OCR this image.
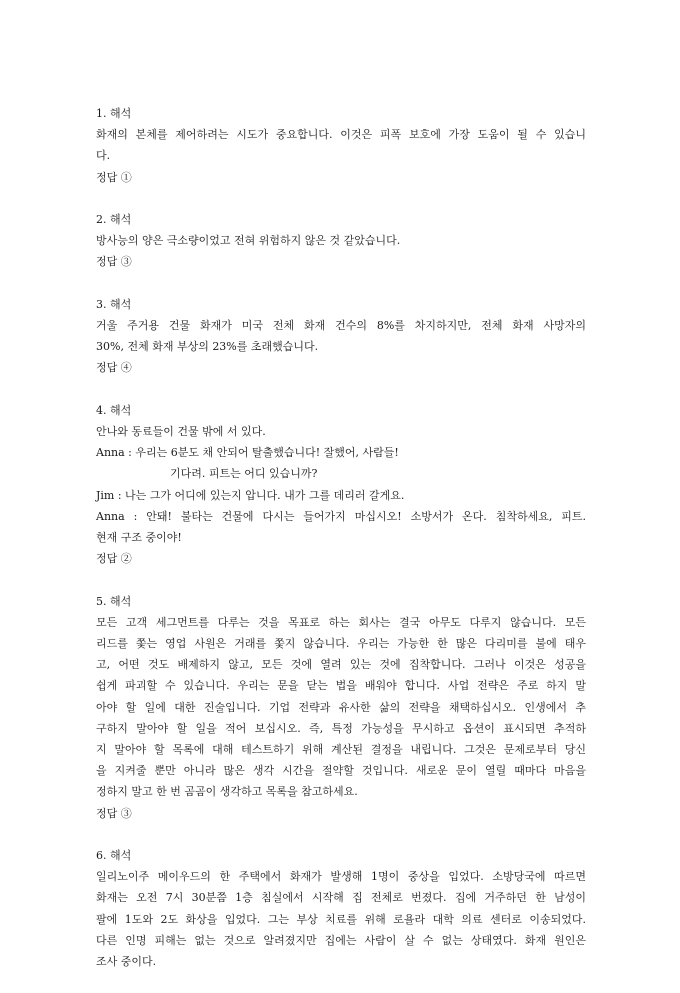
1. 해석
화재의 본체를 제어하려는 시도가 중요합니다. 이것은 피폭 보호에 가장 도움이 될 수 있습니
다.
정답 ①
2. 해석
방사능의 양은 극소량이었고 전혀 위험하지 않은 것 같았습니다.
정답 ③
3. 해석
거울 주거용 건물 화재가 미국 전체 화재 건수의 8%를 차지하지만, 전체 화재 사망자의
30%, 전체 화재 부상의 23%를 초래했습니다.
정답 ④
4. 해석
안나와 동료들이 건물 밖에 서 있다.
Anna : 우리는 6분도 채 안되어 탈출했습니다! 잘했어, 사람들!
기다려. 피트는 어디 있습니까?
Jim : 나는 그가 어디에 있는지 압니다. 내가 그를 데리러 갈게요.
Anna : 안돼! 불타는 건물에 다시는 들어가지 마십시오! 소방서가 온다. 침착하세요, 피트.
현재 구조 중이야!
정답 ②
5. 해석
모든 고객 세그먼트를 다루는 것을 목표로 하는 회사는 결국 아무도 다루지 않습니다. 모든
리드를 쫓는 영업 사원은 거래를 쫓지 않습니다. 우리는 가능한 한 많은 다리미를 불에 태우
고, 어떤 것도 배제하지 않고, 모든 것에 열려 있는 것에 집착합니다. 그러나 이것은 성공을
쉽게 파괴할 수 있습니다. 우리는 문을 닫는 법을 배워야 합니다. 사업 전략은 주로 하지 말
아야 할 일에 대한 진술입니다. 기업 전략과 유사한 삶의 전략을 채택하십시오. 인생에서 추
구하지 말아야 할 일을 적어 보십시오. 즉, 특정 가능성을 무시하고 옵션이 표시되면 추적하
지 말아야 할 목록에 대해 테스트하기 위해 계산된 결정을 내립니다. 그것은 문제로부터 당신
을 지켜줄 뿐만 아니라 많은 생각 시간을 절약할 것입니다. 새로운 문이 열릴 때마다 마음을
정하지 말고 한 번 곰곰이 생각하고 목록을 참고하세요.
정답 ③
6. 해석
일리노이주 메이우드의 한 주택에서 화재가 발생해 1명이 중상을 입었다. 소방당국에 따르면
화재는 오전 7시 30분쯤 1층 침실에서 시작해 집 전체로 번졌다. 집에 거주하던 한 남성이
팔에 1도와 2도 화상을 입었다. 그는 부상 치료를 위해 로욜라 대학 의료 센터로 이송되었다.
다른 인명 피해는 없는 것으로 알려졌지만 집에는 사람이 살 수 없는 상태였다. 화재 원인은
조사 중이다.
